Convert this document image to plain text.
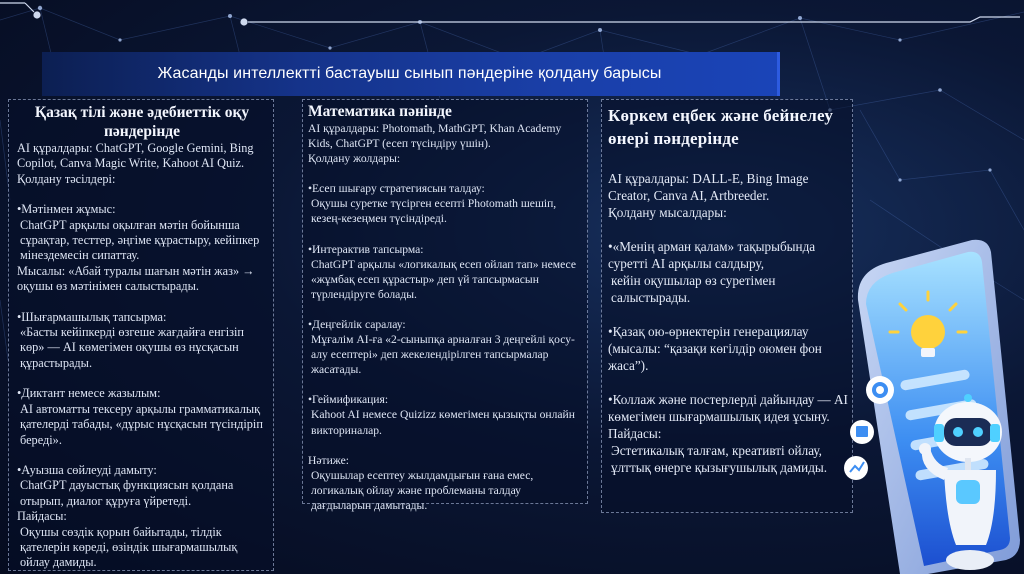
Жасанды интеллектті бастауыш сынып пәндеріне қолдану барысы
Қазақ тілі және әдебиеттік оқу пәндерінде
AI құралдары: ChatGPT, Google Gemini, Bing Copilot, Canva Magic Write, Kahoot AI Quiz.
Қолдану тәсілдері:
•Мәтінмен жұмыс:
ChatGPT арқылы оқылған мәтін бойынша сұрақтар, тесттер, әңгіме құрастыру, кейіпкер мінездемесін сипаттау.
Мысалы: «Абай туралы шағын мәтін жаз» → оқушы өз мәтінімен салыстырады.
•Шығармашылық тапсырма:
«Басты кейіпкерді өзгеше жағдайға енгізіп көр» — AI көмегімен оқушы өз нұсқасын құрастырады.
•Диктант немесе жазылым:
AI автоматты тексеру арқылы грамматикалық қателерді табады, «дұрыс нұсқасын түсіндіріп береді».
•Ауызша сөйлеуді дамыту:
ChatGPT дауыстық функциясын қолдана отырып, диалог құруға үйретеді.
Пайдасы:
Оқушы сөздік қорын байытады, тілдік қателерін көреді, өзіндік шығармашылық ойлау дамиды.
Математика пәнінде
AI құралдары: Photomath, MathGPT, Khan Academy Kids, ChatGPT (есеп түсіндіру үшін).
Қолдану жолдары:
•Есеп шығару стратегиясын талдау:
Оқушы суретке түсірген есепті Photomath шешіп, кезең-кезеңмен түсіндіреді.
•Интерактив тапсырма:
ChatGPT арқылы «логикалық есеп ойлап тап» немесе «жұмбақ есеп құрастыр» деп үй тапсырмасын түрлендіруге болады.
•Деңгейлік саралау:
Мұғалім AI-ға «2-сыныпқа арналған 3 деңгейлі қосу-алу есептері» деп жекелендірілген тапсырмалар жасатады.
•Геймификация:
Kahoot AI немесе Quizizz көмегімен қызықты онлайн викториналар.
Нәтиже:
Оқушылар есептеу жылдамдығын ғана емес, логикалық ойлау және проблеманы талдау дағдыларын дамытады.
Көркем еңбек және бейнелеу өнері пәндерінде
AI құралдары: DALL-E, Bing Image Creator, Canva AI, Artbreeder.
Қолдану мысалдары:
•«Менің арман қалам» тақырыбында суретті AI арқылы салдыру,
кейін оқушылар өз суретімен салыстырады.
•Қазақ ою-өрнектерін генерациялау (мысалы: “қазақи көгілдір оюмен фон жаса”).
•Коллаж және постерлерді дайындау — AI көмегімен шығармашылық идея ұсыну.
Пайдасы:
Эстетикалық талғам, креативті ойлау, ұлттық өнерге қызығушылық дамиды.
